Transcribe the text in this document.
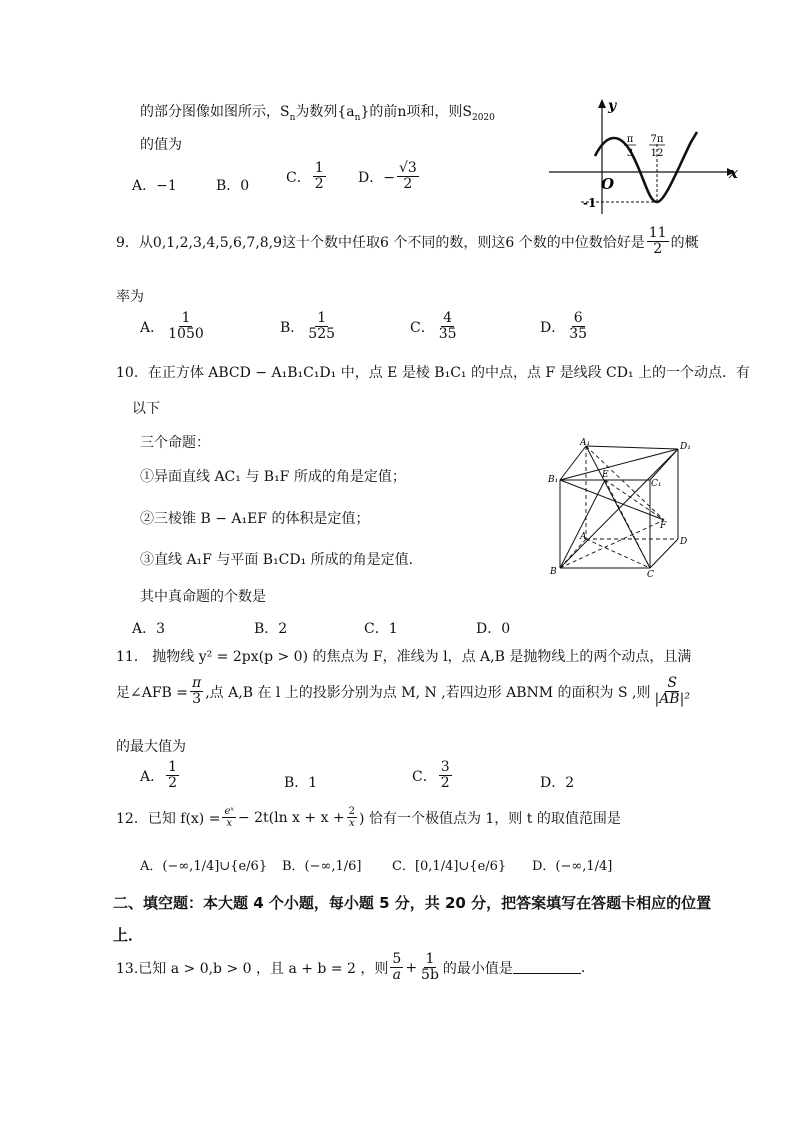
的部分图像如图所示，$S_n$为数列$\{a_n\}$的前n项和，则$S_{2020}$
的值为
A．−1	B．0
C． $\frac{1}{2}$ D．− $\frac{√3}{2}$
y
x
O
π
3
7π
12
-1
9．从0,1,2,3,4,5,6,7,8,9这十个数中任取6 个不同的数，则这6 个数的中位数恰好是 $\frac{11}{2}$ 的概
率为
A． $\frac{1}{1050}$	B． $\frac{1}{525}$	C． $\frac{4}{35}$	D． $\frac{6}{35}$
10．在正方体 ABCD − A₁B₁C₁D₁ 中，点 E 是棱 B₁C₁ 的中点，点 F 是线段 CD₁ 上的一个动点．有
以下
三个命题：
①异面直线 AC₁ 与 B₁F 所成的角是定值；
②三棱锥 B − A₁EF 的体积是定值；
③直线 A₁F 与平面 B₁CD₁ 所成的角是定值．
其中真命题的个数是
A．3	B．2	C．1	D．0
A₁	D₁
B₁	C₁
E
F
A	D
B	C
11． 抛物线 y² = 2px(p > 0) 的焦点为 F，准线为 l，点 A,B 是抛物线上的两个动点，且满
足∠AFB = $\frac{\pi}{3}$ ,点 A,B 在 l 上的投影分别为点 M, N ,若四边形 ABNM 的面积为 S ,则 $\frac{S}{\text{|AB|²}}$
的最大值为
A． $\frac{1}{2}$	B．1	C． $\frac{3}{2}$	D．2
12．已知 $f(x) = \frac{\text{eˣ}}{x} - 2t(\ln$ $x + x + \frac{2}{x}$ ) 恰有一个极值点为 1，则 t 的取值范围是
A．(−∞,1/4]∪{e/6} B．(−∞,1/6] C．[0,1/4]∪{e/6} D．(−∞,1/4]
二、填空题：本大题 4 个小题，每小题 5 分，共 20 分，把答案填写在答题卡相应的位置
上．
13.已知 a > 0,b > 0 ，且 a + b = 2 ，则 $\frac{5}{a} + \frac{1}{5b}$ 的最小值是	.
